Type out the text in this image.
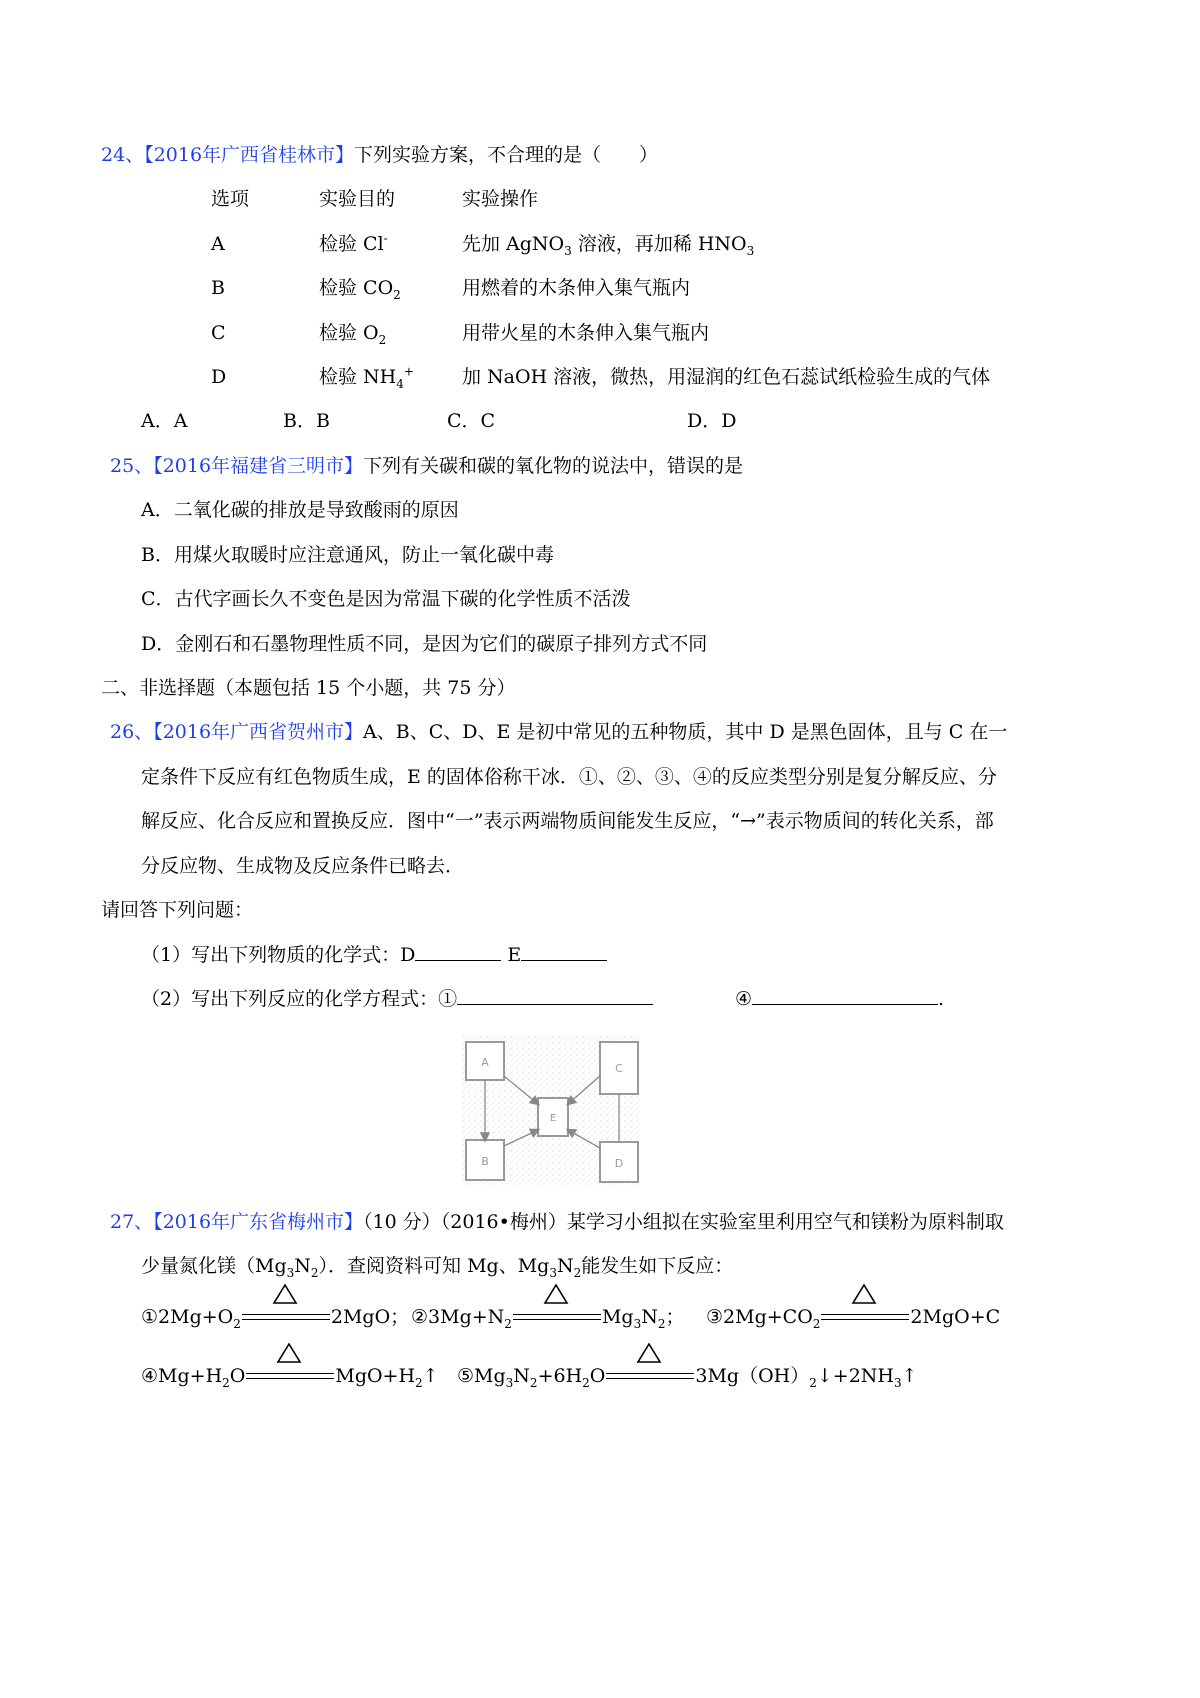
24、【2016年广西省桂林市】下列实验方案，不合理的是（　　）
选项	实验目的	实验操作
A	检验 Cl-	先加 AgNO$_3$ 溶液，再加稀 $HNO_3$
B	检验 $CO_2$	用燃着的木条伸入集气瓶内
C	检验 $O_2$	用带火星的木条伸入集气瓶内
D	检验 $NH_4^+$	加 NaOH 溶液，微热，用湿润的红色石蕊试纸检验生成的气体
A．A	B．B	C．C	D．D
25、【2016年福建省三明市】下列有关碳和碳的氧化物的说法中，错误的是
A．二氧化碳的排放是导致酸雨的原因
B．用煤火取暖时应注意通风，防止一氧化碳中毒
C．古代字画长久不变色是因为常温下碳的化学性质不活泼
D．金刚石和石墨物理性质不同，是因为它们的碳原子排列方式不同
二、非选择题（本题包括 15 个小题，共 75 分）
26、【2016年广西省贺州市】A、B、C、D、E 是初中常见的五种物质，其中 D 是黑色固体，且与 C 在一
定条件下反应有红色物质生成，E 的固体俗称干冰．①、②、③、④的反应类型分别是复分解反应、分
解反应、化合反应和置换反应．图中“一”表示两端物质间能发生反应，“→”表示物质间的转化关系，部
分反应物、生成物及反应条件已略去．
请回答下列问题：
（1）写出下列物质的化学式：D	E
（2）写出下列反应的化学方程式：①	④	.
A	C
E
B	D
27、【2016年广东省梅州市】（10 分）（2016•梅州）某学习小组拟在实验室里利用空气和镁粉为原料制取
少量氮化镁$(Mg_3N_2)$．查阅资料可知 Mg、$Mg_3N_2$能发生如下反应：
$①2Mg+O_2$	2MgO； $②3Mg+N_2$	$Mg_3N_2$； $③2Mg+CO_2$	2MgO+C
$④Mg+H_2O$	$MgO+H_2↑$ $⑤Mg_3N_2+6H_2O$	$3Mg(OH)_2↓+2NH_3↑$
